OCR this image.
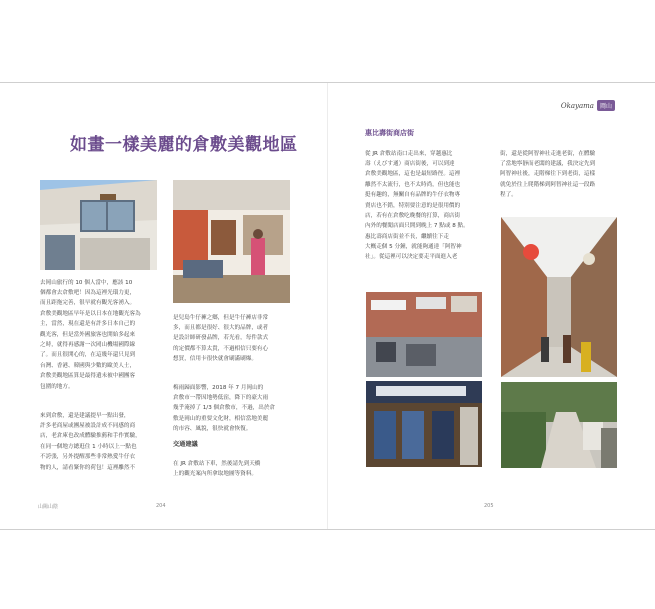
Okayama	岡山
如畫一樣美麗的倉敷美觀地區

去岡山旅行的 10 個人當中，應該 10
個都會去倉敷吧！因為這裡光環力更，
而且距拖完善，很早就有觀光客湧入。
倉敷美觀地區早年是以日本在地觀光客為
主，當然，現在還是有許多日本自己的
觀光客，但是當外國旅客也開始多起來
之時，就得再感謝一次岡山機場國際線
了。而且很開心的，在這幾年還只見到
台灣、香港、韓國與少數的歐美人士，
倉敷美觀地區算是最得遺未被中國團客
包圍的地方。

來到倉敷，還是建議提早一點出發，
許多老商屋或團屋被設計成不同感的商
店，老倉庫也改成體驗推薦和手作實驗，
在同一個地方總逛住 1 小時以上一點也
不誇張，另外提醒那些非常熱愛牛仔衣
物的人，請看緊你的荷包！這裡離然不

是兒島牛仔褲之鄉，但是牛仔褲店非常
多，而且都是很好、很大的品牌，或者
是設計師研發品牌，若光看，每件款式
的定價都不算太貴，不過相信只要有心
想買，信用卡很快就會刷滿刷爆。

梅雨歸面影響，2018 年 7 月岡山的
倉敷市一帶因地勢低窪，降下的豪大雨
幾乎淹掉了 1/3 個倉敷市，不過，出於倉
敷是岡山的重要文化財，相信當地美麗
的市容、風貌，很快就會恢復。

交通建議

在 JR 倉敷站下車，然後請先到天橋
上的觀光案內所拿取地圖等資料。

山陽山陰	204
惠比壽街商店街

從 JR 倉敷站南口走出來，穿越惠比
壽（えびす通）商店街後，可以到達
倉敷美觀地區，這也是最短路徑。這裡
離然不太流行，也不太時尚，但也能也
挺有趣的，無關自有品牌的牛仔衣物專
賣店也不錯，特別要注意的是很用價的
店，若有在倉敷吃晚餐的打算，商店街
內外的餐聞店面只開到晚上 7 點或 8 點。

惠比壽商店街並不長，繼續往下走
大概走個 5 分鐘，就能夠通達「阿智神
社」。從這裡可以決定要走平面進入老

街，還是從阿智神社走進老街，在體驗
了當地寧靜而老闆的建議，我決定先到
阿智神社後，走階梯往下到老街，這樣
就免於往上爬階梯到阿智神社這一段路
程了。

205
